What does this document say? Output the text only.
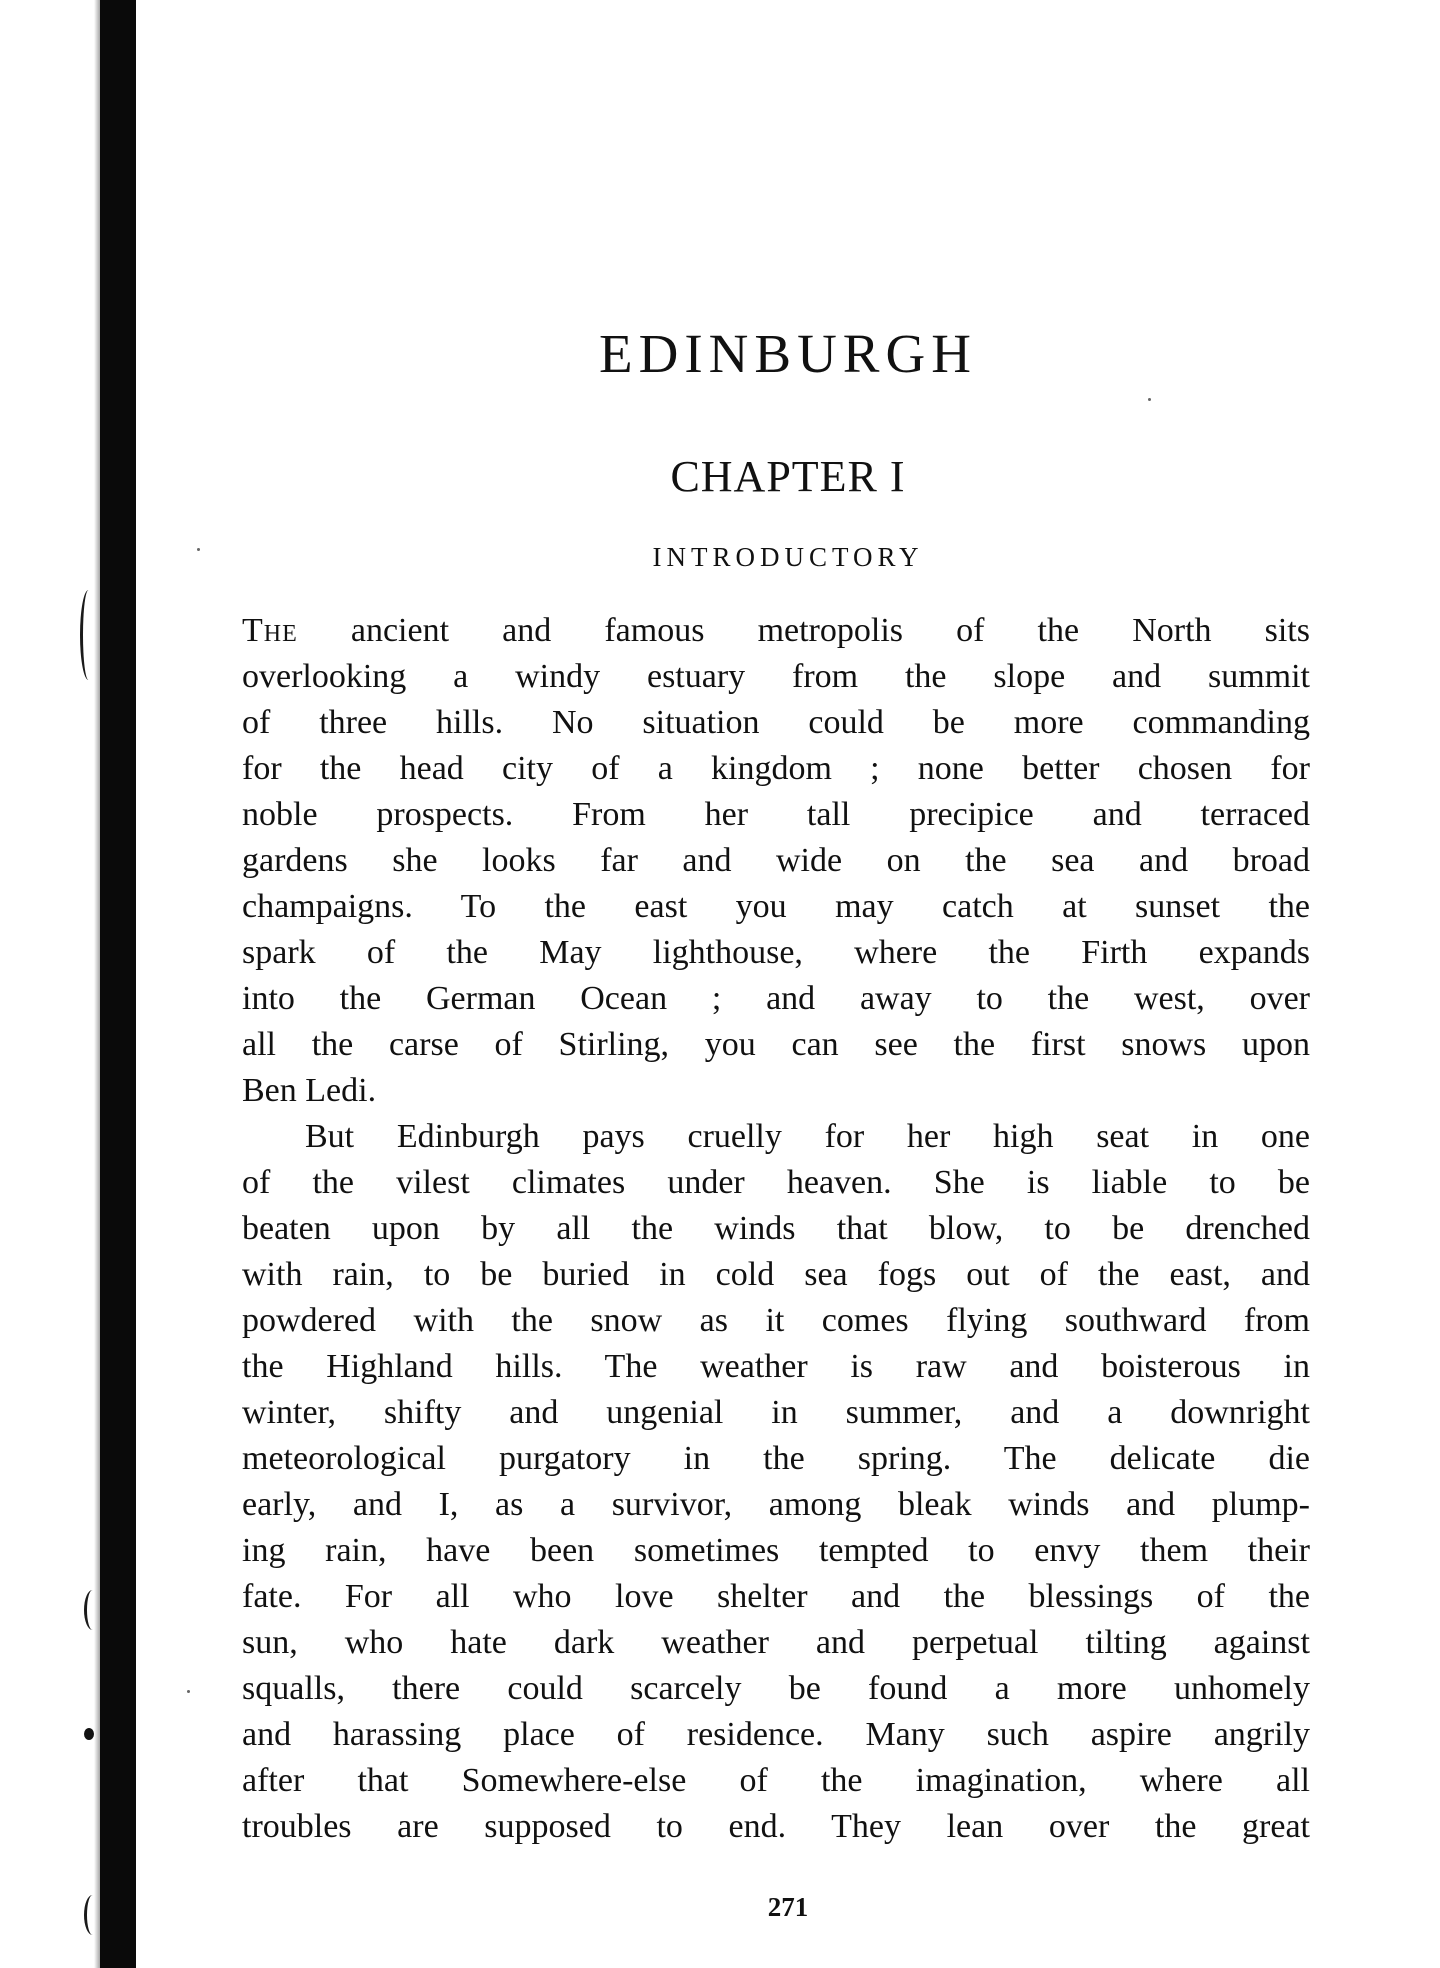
EDINBURGH
CHAPTER I
INTRODUCTORY
The ancient and famous metropolis of the North sits
overlooking a windy estuary from the slope and summit
of three hills. No situation could be more commanding
for the head city of a kingdom ; none better chosen for
noble prospects. From her tall precipice and terraced
gardens she looks far and wide on the sea and broad
champaigns. To the east you may catch at sunset the
spark of the May lighthouse, where the Firth expands
into the German Ocean ; and away to the west, over
all the carse of Stirling, you can see the first snows upon
Ben Ledi.
But Edinburgh pays cruelly for her high seat in one
of the vilest climates under heaven. She is liable to be
beaten upon by all the winds that blow, to be drenched
with rain, to be buried in cold sea fogs out of the east, and
powdered with the snow as it comes flying southward from
the Highland hills. The weather is raw and boisterous in
winter, shifty and ungenial in summer, and a downright
meteorological purgatory in the spring. The delicate die
early, and I, as a survivor, among bleak winds and plump-
ing rain, have been sometimes tempted to envy them their
fate. For all who love shelter and the blessings of the
sun, who hate dark weather and perpetual tilting against
squalls, there could scarcely be found a more unhomely
and harassing place of residence. Many such aspire angrily
after that Somewhere-else of the imagination, where all
troubles are supposed to end. They lean over the great
271
